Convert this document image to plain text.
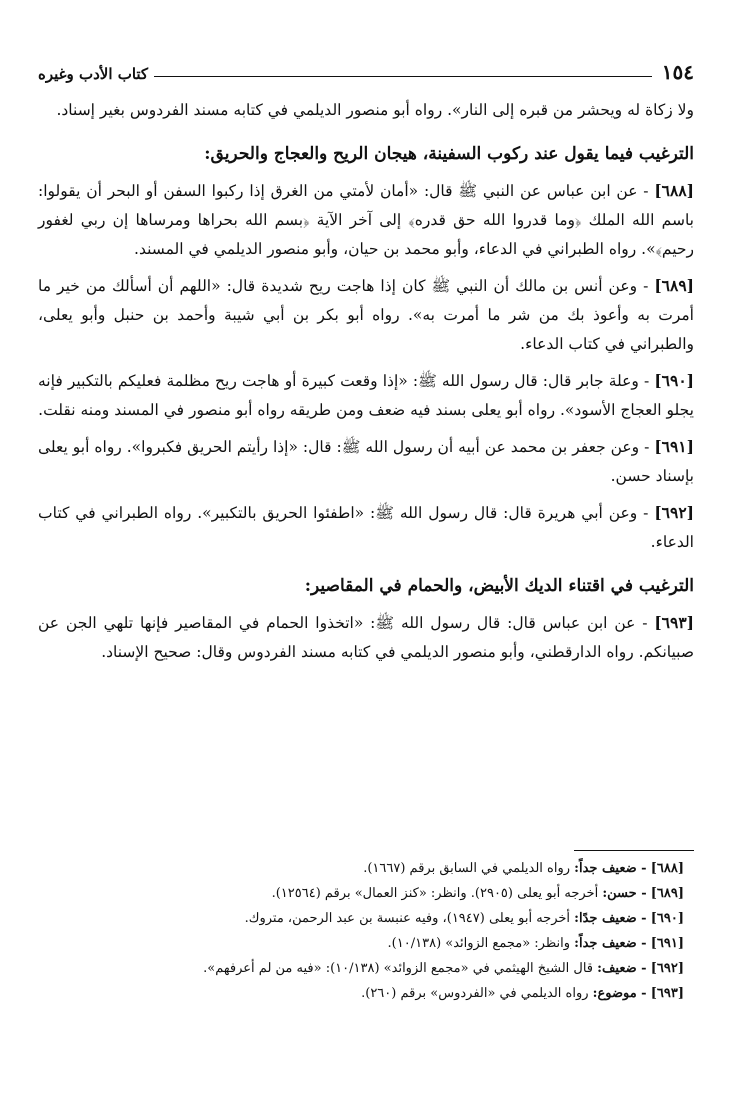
١٥٤
كتاب الأدب وغيره

ولا زكاة له ويحشر من قبره إلى النار». رواه أبو منصور الديلمي في كتابه مسند الفردوس بغير إسناد.

الترغيب فيما يقول عند ركوب السفينة، هيجان الريح والعجاج والحريق:

[٦٨٨] - عن ابن عباس عن النبي ﷺ قال: «أمان لأمتي من الغرق إذا ركبوا السفن أو البحر أن يقولوا: باسم الله الملك ﴿وما قدروا الله حق قدره﴾ إلى آخر الآية ﴿بسم الله بحراها ومرساها إن ربي لغفور رحيم﴾». رواه الطبراني في الدعاء، وأبو محمد بن حيان، وأبو منصور الديلمي في المسند.

[٦٨٩] - وعن أنس بن مالك أن النبي ﷺ كان إذا هاجت ريح شديدة قال: «اللهم أن أسألك من خير ما أمرت به وأعوذ بك من شر ما أمرت به». رواه أبو بكر بن أبي شيبة وأحمد بن حنبل وأبو يعلى، والطبراني في كتاب الدعاء.

[٦٩٠] - وعلة جابر قال: قال رسول الله ﷺ: «إذا وقعت كبيرة أو هاجت ريح مظلمة فعليكم بالتكبير فإنه يجلو العجاج الأسود». رواه أبو يعلى بسند فيه ضعف ومن طريقه رواه أبو منصور في المسند ومنه نقلت.

[٦٩١] - وعن جعفر بن محمد عن أبيه أن رسول الله ﷺ: قال: «إذا رأيتم الحريق فكبروا». رواه أبو يعلى بإسناد حسن.

[٦٩٢] - وعن أبي هريرة قال: قال رسول الله ﷺ: «اطفئوا الحريق بالتكبير». رواه الطبراني في كتاب الدعاء.

الترغيب في اقتناء الديك الأبيض، والحمام في المقاصير:

[٦٩٣] - عن ابن عباس قال: قال رسول الله ﷺ: «اتخذوا الحمام في المقاصير فإنها تلهي الجن عن صبيانكم. رواه الدارقطني، وأبو منصور الديلمي في كتابه مسند الفردوس وقال: صحيح الإسناد.

[٦٨٨] - ضعيف جداً: رواه الديلمي في السابق برقم (١٦٦٧).

[٦٨٩] - حسن: أخرجه أبو يعلى (٢٩٠٥). وانظر: «كنز العمال» برقم (١٢٥٦٤).

[٦٩٠] - ضعيف جدًا: أخرجه أبو يعلى (١٩٤٧)، وفيه عنبسة بن عبد الرحمن، متروك.

[٦٩١] - ضعيف جداً: وانظر: «مجمع الزوائد» (١٠/١٣٨).

[٦٩٢] - ضعيف: قال الشيخ الهيثمي في «مجمع الزوائد» (١٠/١٣٨): «فيه من لم أعرفهم».

[٦٩٣] - موضوع: رواه الديلمي في «الفردوس» برقم (٢٦٠).
